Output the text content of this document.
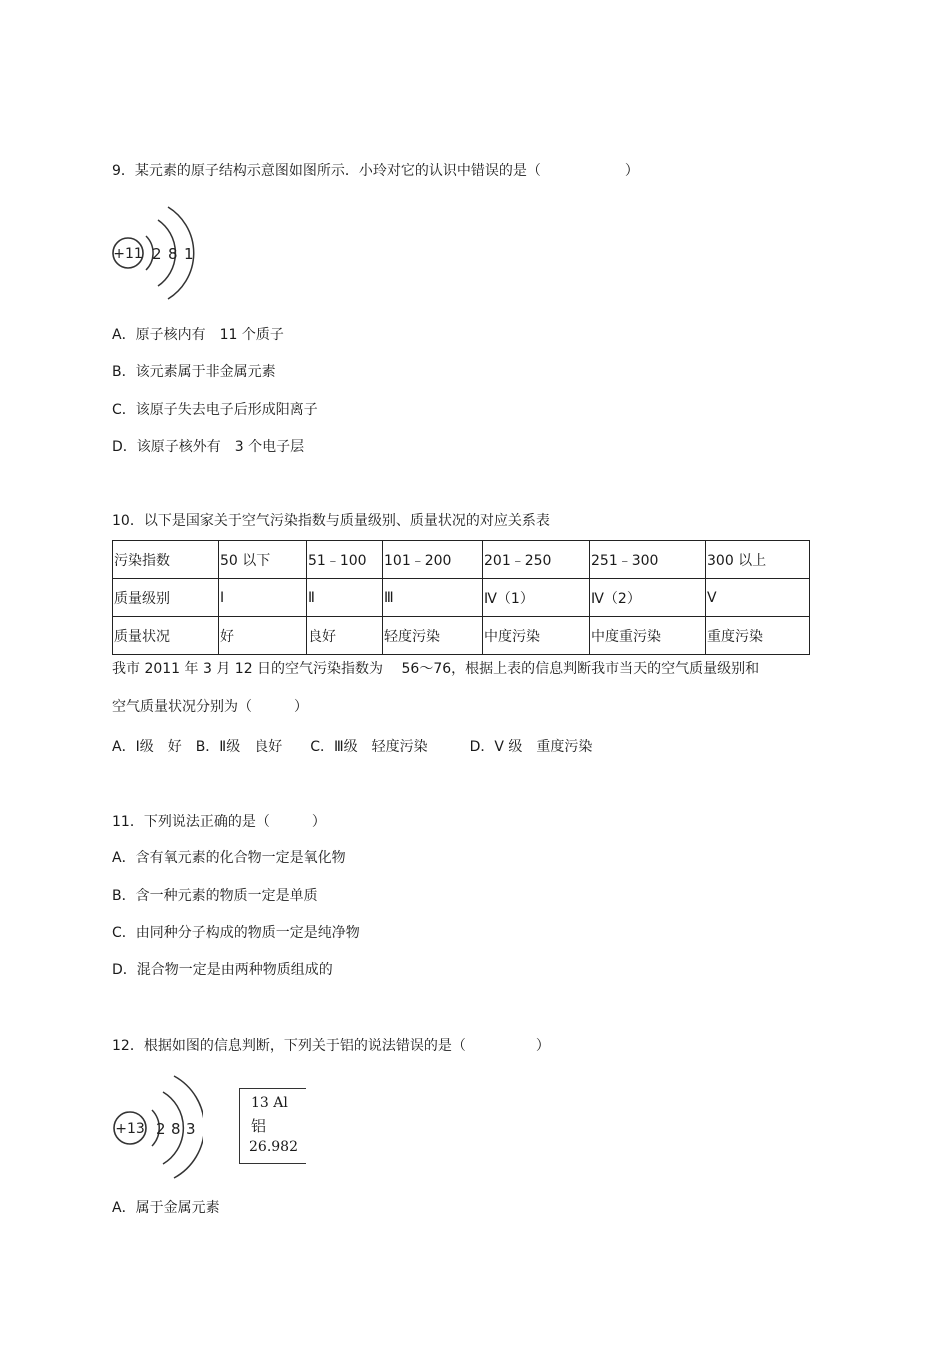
9．某元素的原子结构示意图如图所示．小玲对它的认识中错误的是（　　　　　　）
+11 2 8 1
A．原子核内有　11 个质子
B．该元素属于非金属元素
C．该原子失去电子后形成阳离子
D．该原子核外有　3 个电子层
10．以下是国家关于空气污染指数与质量级别、质量状况的对应关系表
污染指数	50 以下	51﹣100	101﹣200	201﹣250	251﹣300	300 以上
质量级别	Ⅰ	Ⅱ	Ⅲ	Ⅳ（1）	Ⅳ（2）	Ⅴ
质量状况	好	良好	轻度污染	中度污染	中度重污染	重度污染
我市 2011 年 3 月 12 日的空气污染指数为　 56～76，根据上表的信息判断我市当天的空气质量级别和
空气质量状况分别为（　　　）
A．Ⅰ级　好　B．Ⅱ级　良好　　C．Ⅲ级　轻度污染　　　D．Ⅴ 级　重度污染
11．下列说法正确的是（　　　）
A．含有氧元素的化合物一定是氧化物
B．含一种元素的物质一定是单质
C．由同种分子构成的物质一定是纯净物
D．混合物一定是由两种物质组成的
12．根据如图的信息判断，下列关于铝的说法错误的是（　　　　　）
+13 2 8 3
13 Al
铝
26.982
A．属于金属元素
